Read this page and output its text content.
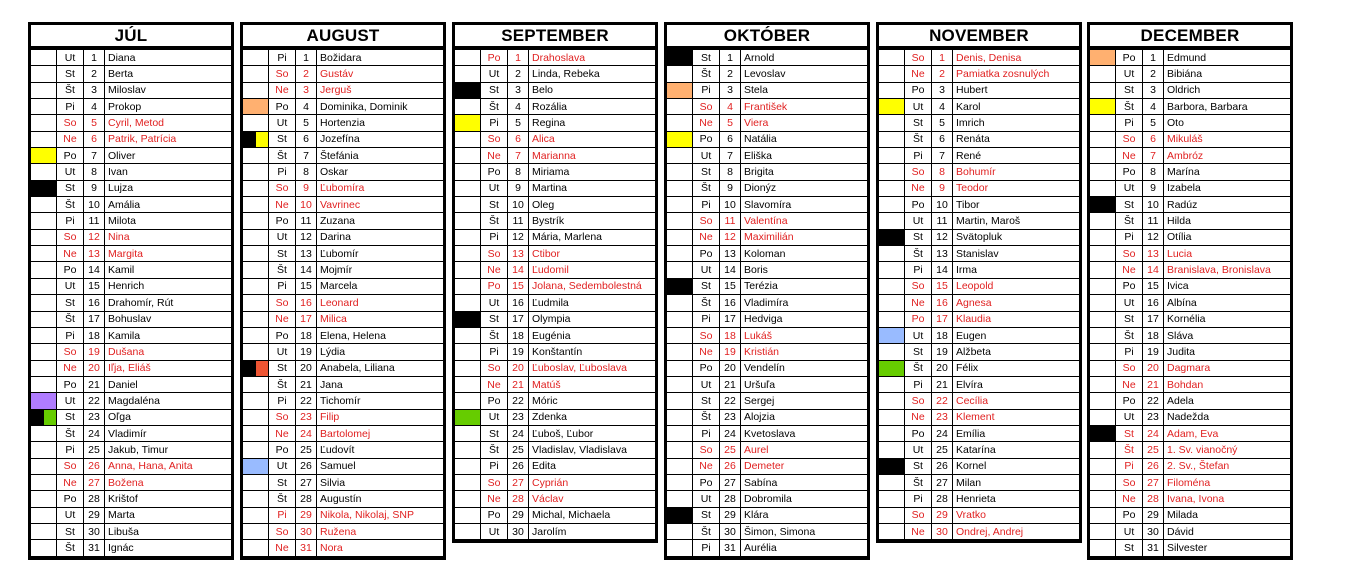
JÚL
	Ut	1	Diana
	St	2	Berta
	Št	3	Miloslav
	Pi	4	Prokop
	So	5	Cyril, Metod
	Ne	6	Patrik, Patrícia

	Po	7	Oliver
	Ut	8	Ivan

	St	9	Lujza
	Št	10	Amália
	Pi	11	Milota
	So	12	Nina
	Ne	13	Margita
	Po	14	Kamil
	Ut	15	Henrich
	St	16	Drahomír, Rút
	Št	17	Bohuslav
	Pi	18	Kamila
	So	19	Dušana
	Ne	20	Iľja, Eliáš
	Po	21	Daniel

	Ut	22	Magdaléna

	St	23	Oľga
	Št	24	Vladimír
	Pi	25	Jakub, Timur
	So	26	Anna, Hana, Anita
	Ne	27	Božena
	Po	28	Krištof
	Ut	29	Marta
	St	30	Libuša
	Št	31	Ignác
AUGUST
	Pi	1	Božidara
	So	2	Gustáv
	Ne	3	Jerguš

	Po	4	Dominika, Dominik
	Ut	5	Hortenzia

	St	6	Jozefína
	Št	7	Štefánia
	Pi	8	Oskar
	So	9	Ľubomíra
	Ne	10	Vavrinec
	Po	11	Zuzana
	Ut	12	Darina
	St	13	Ľubomír
	Št	14	Mojmír
	Pi	15	Marcela
	So	16	Leonard
	Ne	17	Milica
	Po	18	Elena, Helena
	Ut	19	Lýdia

	St	20	Anabela, Liliana
	Št	21	Jana
	Pi	22	Tichomír
	So	23	Filip
	Ne	24	Bartolomej
	Po	25	Ľudovít

	Ut	26	Samuel
	St	27	Silvia
	Št	28	Augustín
	Pi	29	Nikola, Nikolaj, SNP
	So	30	Ružena
	Ne	31	Nora
SEPTEMBER
	Po	1	Drahoslava
	Ut	2	Linda, Rebeka

	St	3	Belo
	Št	4	Rozália

	Pi	5	Regina
	So	6	Alica
	Ne	7	Marianna
	Po	8	Miriama
	Ut	9	Martina
	St	10	Oleg
	Št	11	Bystrík
	Pi	12	Mária, Marlena
	So	13	Ctibor
	Ne	14	Ľudomil
	Po	15	Jolana, Sedembolestná
	Ut	16	Ľudmila

	St	17	Olympia
	Št	18	Eugénia
	Pi	19	Konštantín
	So	20	Ľuboslav, Ľuboslava
	Ne	21	Matúš
	Po	22	Móric

	Ut	23	Zdenka
	St	24	Ľuboš, Ľubor
	Št	25	Vladislav, Vladislava
	Pi	26	Edita
	So	27	Cyprián
	Ne	28	Václav
	Po	29	Michal, Michaela
	Ut	30	Jarolím
OKTÓBER
	St	1	Arnold
	Št	2	Levoslav

	Pi	3	Stela
	So	4	František
	Ne	5	Viera

	Po	6	Natália
	Ut	7	Eliška
	St	8	Brigita
	Št	9	Dionýz
	Pi	10	Slavomíra
	So	11	Valentína
	Ne	12	Maximilián
	Po	13	Koloman
	Ut	14	Boris

	St	15	Terézia
	Št	16	Vladimíra
	Pi	17	Hedviga
	So	18	Lukáš
	Ne	19	Kristián
	Po	20	Vendelín
	Ut	21	Uršuľa
	St	22	Sergej
	Št	23	Alojzia
	Pi	24	Kvetoslava
	So	25	Aurel
	Ne	26	Demeter
	Po	27	Sabína
	Ut	28	Dobromila

	St	29	Klára
	Št	30	Šimon, Simona
	Pi	31	Aurélia
NOVEMBER
	So	1	Denis, Denisa
	Ne	2	Pamiatka zosnulých
	Po	3	Hubert

	Ut	4	Karol
	St	5	Imrich
	Št	6	Renáta
	Pi	7	René
	So	8	Bohumír
	Ne	9	Teodor
	Po	10	Tibor
	Ut	11	Martin, Maroš

	St	12	Svätopluk
	Št	13	Stanislav
	Pi	14	Irma
	So	15	Leopold
	Ne	16	Agnesa
	Po	17	Klaudia

	Ut	18	Eugen
	St	19	Alžbeta

	Št	20	Félix
	Pi	21	Elvíra
	So	22	Cecília
	Ne	23	Klement
	Po	24	Emília
	Ut	25	Katarína

	St	26	Kornel
	Št	27	Milan
	Pi	28	Henrieta
	So	29	Vratko
	Ne	30	Ondrej, Andrej
DECEMBER
	Po	1	Edmund
	Ut	2	Bibiána
	St	3	Oldrich

	Št	4	Barbora, Barbara
	Pi	5	Oto
	So	6	Mikuláš
	Ne	7	Ambróz
	Po	8	Marína
	Ut	9	Izabela

	St	10	Radúz
	Št	11	Hilda
	Pi	12	Otília
	So	13	Lucia
	Ne	14	Branislava, Bronislava
	Po	15	Ivica
	Ut	16	Albína
	St	17	Kornélia
	Št	18	Sláva
	Pi	19	Judita
	So	20	Dagmara
	Ne	21	Bohdan
	Po	22	Adela
	Ut	23	Nadežda

	St	24	Adam, Eva
	Št	25	1. Sv. vianočný
	Pi	26	2. Sv., Štefan
	So	27	Filoména
	Ne	28	Ivana, Ivona
	Po	29	Milada
	Ut	30	Dávid
	St	31	Silvester
